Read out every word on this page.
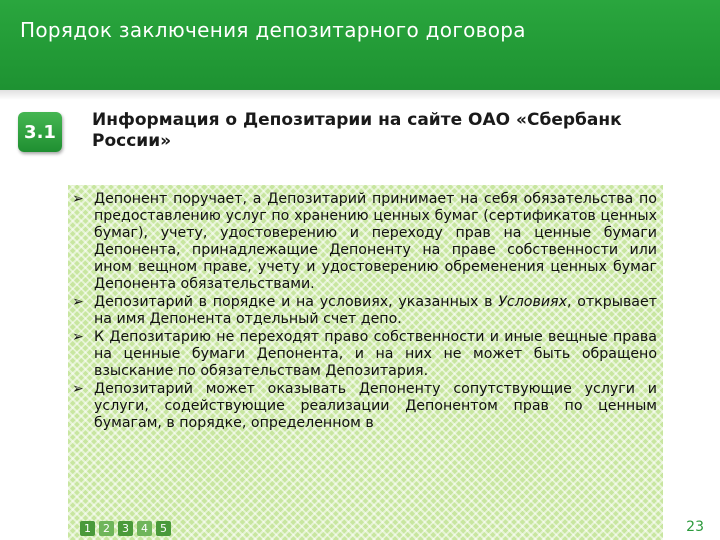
Порядок заключения депозитарного договора
3.1
Информация о Депозитарии на сайте ОАО «Сбербанк России»
➢ Депонент поручает, а Депозитарий принимает на себя обязательства по предоставлению услуг по хранению ценных бумаг (сертификатов ценных бумаг), учету, удостоверению и переходу прав на ценные бумаги Депонента, принадлежащие Депоненту на праве собственности или ином вещном праве, учету и удостоверению обременения ценных бумаг Депонента обязательствами.
➢ Депозитарий в порядке и на условиях, указанных в Условиях, открывает на имя Депонента отдельный счет депо.
➢ К Депозитарию не переходят право собственности и иные вещные права на ценные бумаги Депонента, и на них не может быть обращено взыскание по обязательствам Депозитария.
➢ Депозитарий может оказывать Депоненту сопутствующие услуги и услуги, содействующие реализации Депонентом прав по ценным бумагам, в порядке, определенном в
1	2	3	4	5	23
